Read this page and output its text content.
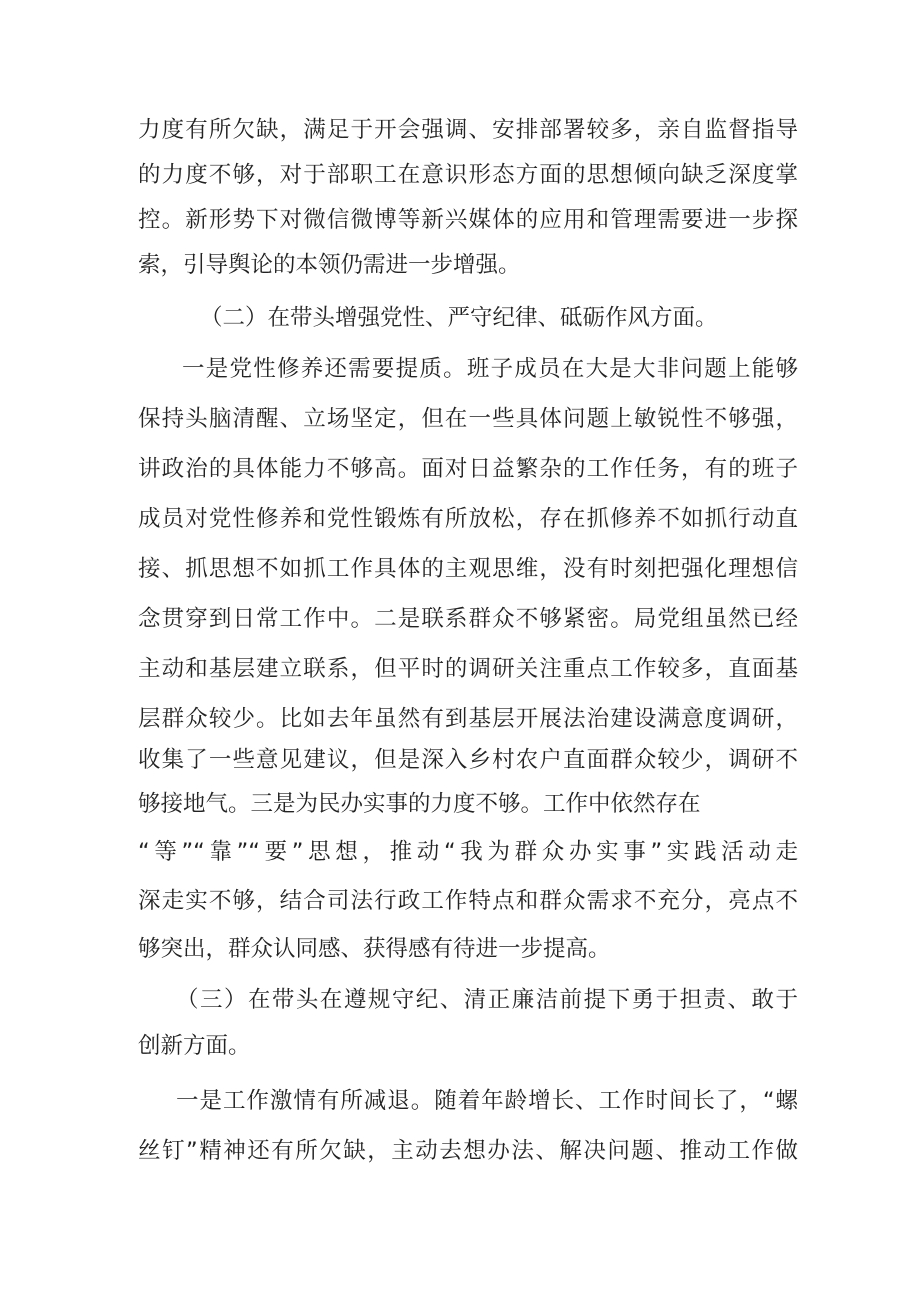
力度有所欠缺，满足于开会强调、安排部署较多，亲自监督指导
的力度不够，对于部职工在意识形态方面的思想倾向缺乏深度掌
控。新形势下对微信微博等新兴媒体的应用和管理需要进一步探
索，引导舆论的本领仍需进一步增强。
（二）在带头增强党性、严守纪律、砥砺作风方面。
一是党性修养还需要提质。班子成员在大是大非问题上能够
保持头脑清醒、立场坚定，但在一些具体问题上敏锐性不够强，
讲政治的具体能力不够高。面对日益繁杂的工作任务，有的班子
成员对党性修养和党性锻炼有所放松，存在抓修养不如抓行动直
接、抓思想不如抓工作具体的主观思维，没有时刻把强化理想信
念贯穿到日常工作中。二是联系群众不够紧密。局党组虽然已经
主动和基层建立联系，但平时的调研关注重点工作较多，直面基
层群众较少。比如去年虽然有到基层开展法治建设满意度调研，
收集了一些意见建议，但是深入乡村农户直面群众较少，调研不
够接地气。三是为民办实事的力度不够。工作中依然存在
“等”“靠”“要”思想，推动“我为群众办实事”实践活动走
深走实不够，结合司法行政工作特点和群众需求不充分，亮点不
够突出，群众认同感、获得感有待进一步提高。
（三）在带头在遵规守纪、清正廉洁前提下勇于担责、敢于
创新方面。
一是工作激情有所减退。随着年龄增长、工作时间长了，“螺
丝钉”精神还有所欠缺，主动去想办法、解决问题、推动工作做
